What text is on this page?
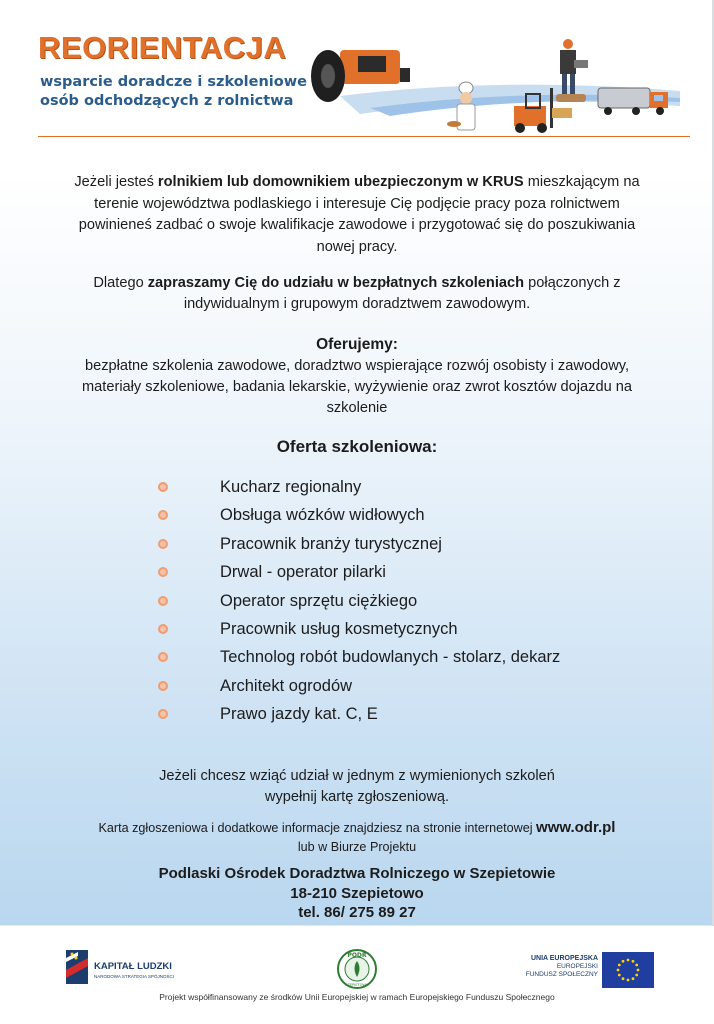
REORIENTACJA
wsparcie doradcze i szkoleniowe
osób odchodzących z rolnictwa

Jeżeli jesteś rolnikiem lub domownikiem ubezpieczonym w KRUS mieszkającym na terenie województwa podlaskiego i interesuje Cię podjęcie pracy poza rolnictwem powinieneś zadbać o swoje kwalifikacje zawodowe i przygotować się do poszukiwania nowej pracy.

Dlatego zapraszamy Cię do udziału w bezpłatnych szkoleniach połączonych z indywidualnym i grupowym doradztwem zawodowym.

Oferujemy:

bezpłatne szkolenia zawodowe, doradztwo wspierające rozwój osobisty i zawodowy, materiały szkoleniowe, badania lekarskie, wyżywienie oraz zwrot kosztów dojazdu na szkolenie

Oferta szkoleniowa:
Kucharz regionalny
Obsługa wózków widłowych
Pracownik branży turystycznej
Drwal - operator pilarki
Operator sprzętu ciężkiego
Pracownik usług kosmetycznych
Technolog robót budowlanych - stolarz, dekarz
Architekt ogrodów
Prawo jazdy kat. C, E
Jeżeli chcesz wziąć udział w jednym z wymienionych szkoleń
wypełnij kartę zgłoszeniową.
Karta zgłoszeniowa i dodatkowe informacje znajdziesz na stronie internetowej www.odr.pl
lub w Biurze Projektu
Podlaski Ośrodek Doradztwa Rolniczego w Szepietowie
18-210 Szepietowo
tel. 86/ 275 89 27
KAPITAŁ LUDZKI
NARODOWA STRATEGIA SPÓJNOŚCI
PODR
SZEPIETOWO
UNIA EUROPEJSKA
EUROPEJSKI
FUNDUSZ SPOŁECZNY
Projekt współfinansowany ze środków Unii Europejskiej w ramach Europejskiego Funduszu Społecznego
